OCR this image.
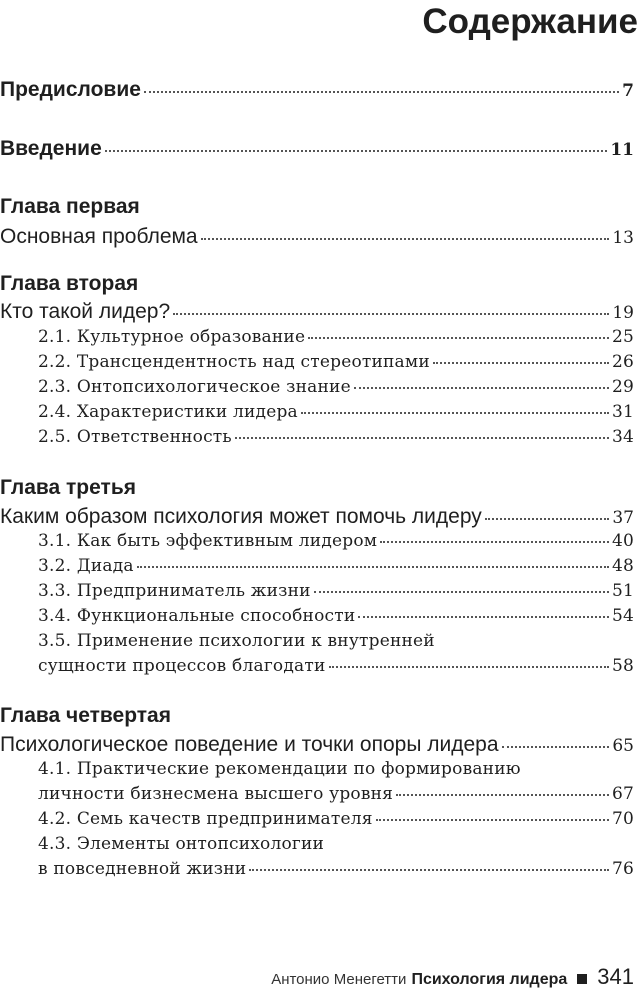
Содержание
Предисловие	7
Введение	11
Глава первая
Основная проблема	13
Глава вторая
Кто такой лидер?	19
2.1. Культурное образование	25
2.2. Трансцендентность над стереотипами	26
2.3. Онтопсихологическое знание	29
2.4. Характеристики лидера	31
2.5. Ответственность	34
Глава третья
Каким образом психология может помочь лидеру	37
3.1. Как быть эффективным лидером	40
3.2. Диада	48
3.3. Предприниматель жизни	51
3.4. Функциональные способности	54
3.5. Применение психологии к внутренней
сущности процессов благодати	58
Глава четвертая
Психологическое поведение и точки опоры лидера	65
4.1. Практические рекомендации по формированию
личности бизнесмена высшего уровня	67
4.2. Семь качеств предпринимателя	70
4.3. Элементы онтопсихологии
в повседневной жизни	76
Антонио Менегетти Психология лидера 341
